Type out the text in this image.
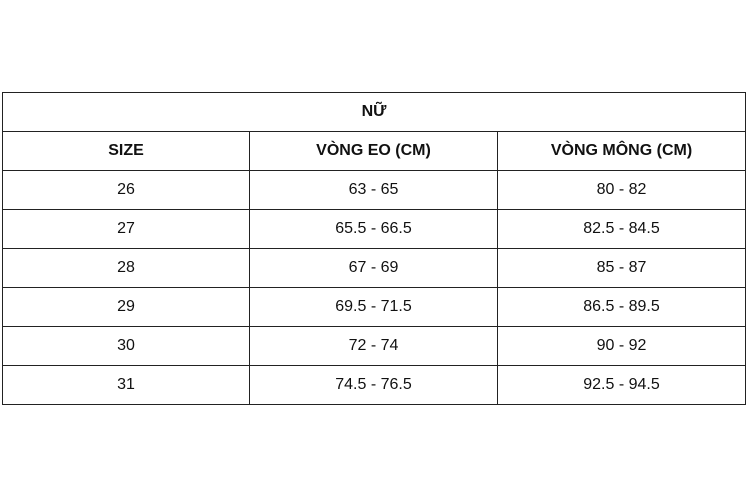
NỮ		
SIZE	VÒNG EO (CM)	VÒNG MÔNG (CM)
26	63 - 65	80 - 82
27	65.5 - 66.5	82.5 - 84.5
28	67 - 69	85 - 87
29	69.5 - 71.5	86.5 - 89.5
30	72 - 74	90 - 92
31	74.5 - 76.5	92.5 - 94.5
